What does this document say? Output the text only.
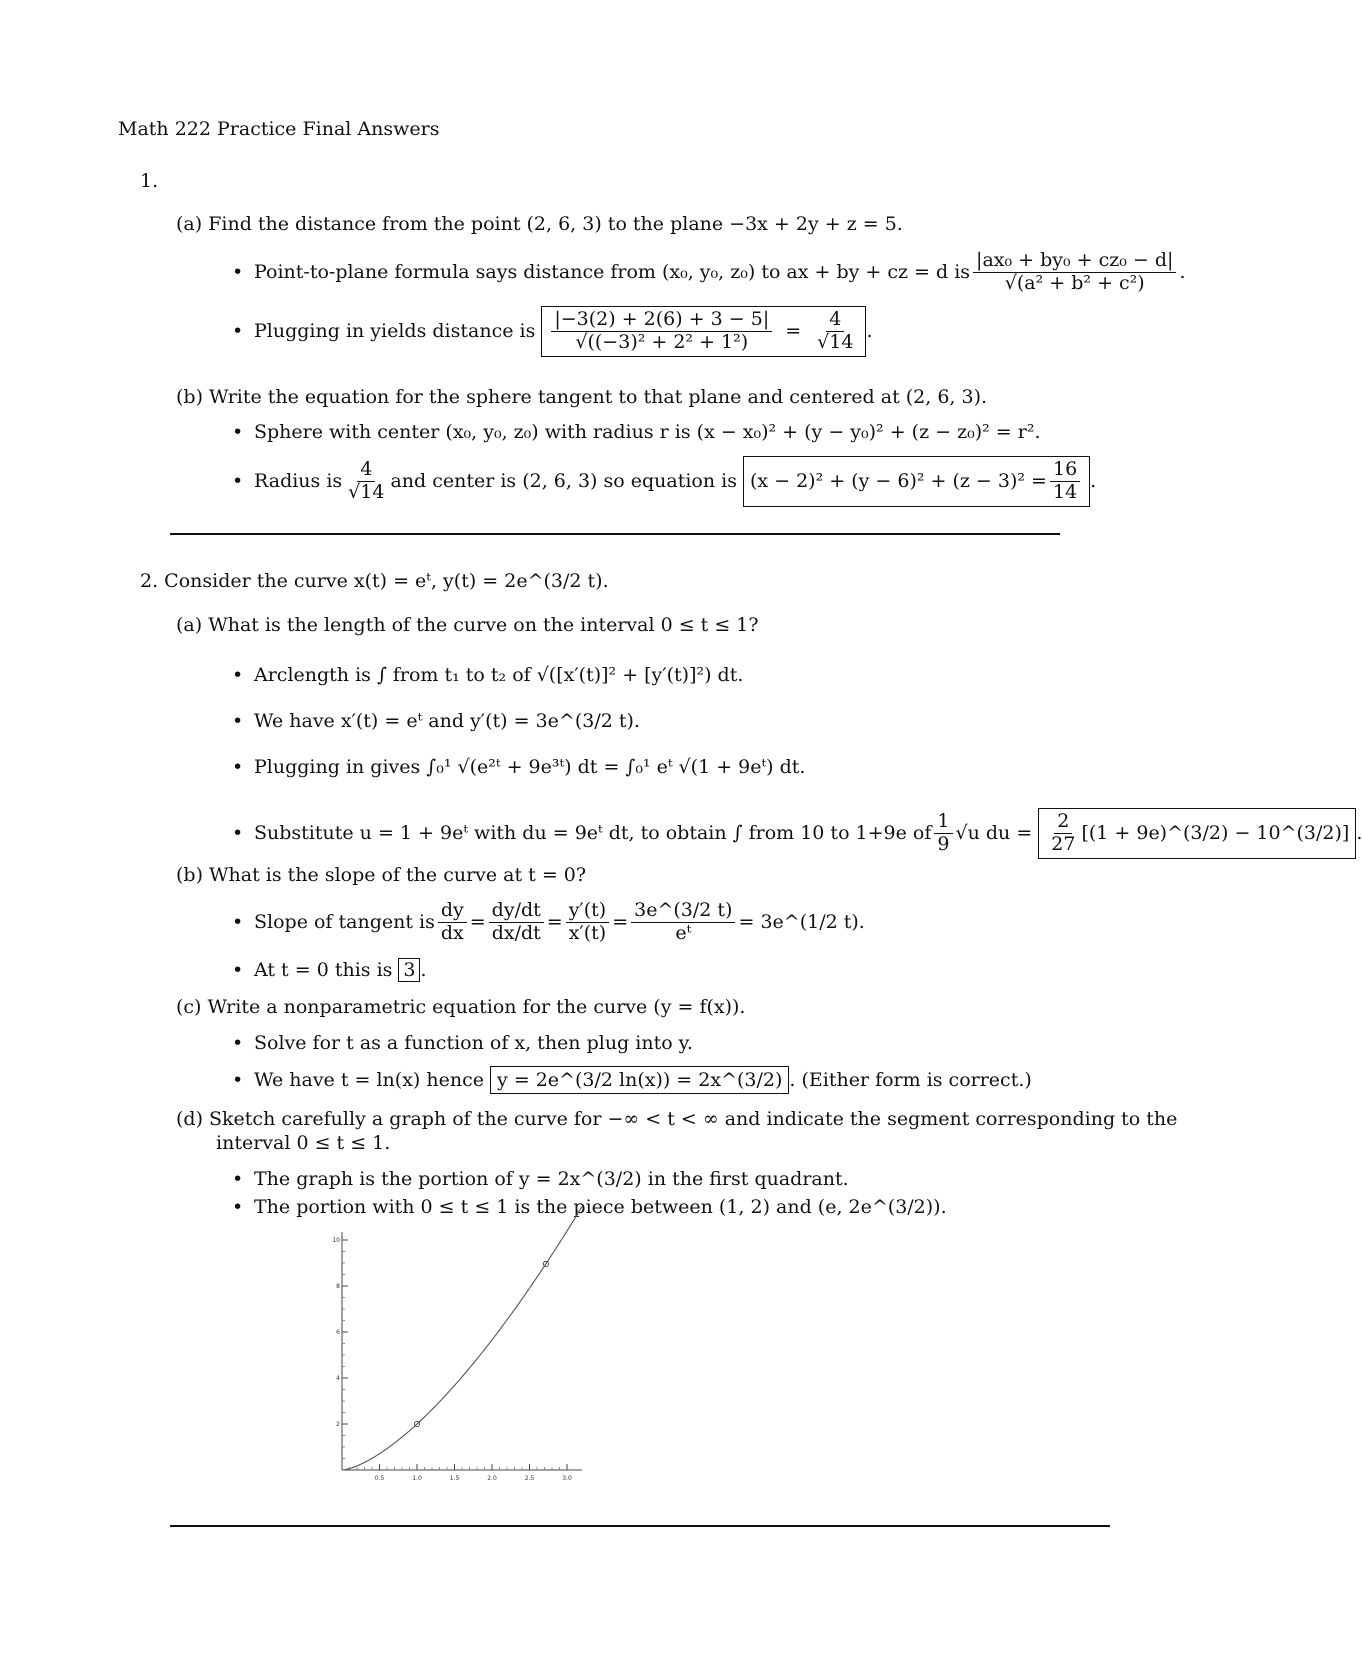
Math 222 Practice Final Answers
1.
(a) Find the distance from the point (2, 6, 3) to the plane −3x + 2y + z = 5.
• Point-to-plane formula says distance from (x₀, y₀, z₀) to ax + by + cz = d is $\frac{\text{|ax₀ + by₀ + cz₀ − d|}}{\text{√(a² + b² + c²)}}$ .
• Plugging in yields distance is $\frac{|-3(2) + 2(6) + 3 - 5|}{\text{√((−3)² + 2² + 1²)}} = \frac{4}{√14}$ .
(b) Write the equation for the sphere tangent to that plane and centered at (2, 6, 3).
• Sphere with center (x₀, y₀, z₀) with radius r is (x − x₀)² + (y − y₀)² + (z − z₀)² = r².
• Radius is $\frac{4}{√14}$ and center is (2, 6, 3) so equation is $(x - 2)^2 + (y - 6)^2 + (z - 3)^2 = \frac{16}{14}$ .
2. Consider the curve x(t) = eᵗ, y(t) = 2e^(3/2 t).
(a) What is the length of the curve on the interval 0 ≤ t ≤ 1?
• Arclength is ∫ from t₁ to t₂ of √([x′(t)]² + [y′(t)]²) dt.
• We have x′(t) = eᵗ and y′(t) = 3e^(3/2 t).
• Plugging in gives ∫₀¹ √(e²ᵗ + 9e³ᵗ) dt = ∫₀¹ eᵗ √(1 + 9eᵗ) dt.
• Substitute u = 1 + 9eᵗ with du = 9eᵗ dt, to obtain ∫ from 10 to 1+9e of $\frac{1}{9} √u$ du = $\frac{2}{27} [(1$ + 9e)^(3/2) − 10^(3/2)] .
(b) What is the slope of the curve at t = 0?
• Slope of tangent is $\frac{dy}{dx} = \frac{dy/dt}{dx/dt} = \frac{y'(t)}{x'(t)} = \frac{3e\^{}(3/2 t)}{\text{eᵗ}}$ = 3e^(1/2 t).
• At t = 0 this is 3 .
(c) Write a nonparametric equation for the curve (y = f(x)).
• Solve for t as a function of x, then plug into y.
• We have t = ln(x) hence y = 2e^(3/2 ln(x)) = 2x^(3/2) . (Either form is correct.)
(d) Sketch carefully a graph of the curve for −∞ < t < ∞ and indicate the segment corresponding to the
interval 0 ≤ t ≤ 1.
• The graph is the portion of y = 2x^(3/2) in the first quadrant.
• The portion with 0 ≤ t ≤ 1 is the piece between (1, 2) and (e, 2e^(3/2)).
0.5	1.0	1.5	2.0	2.5	3.0
2
4
6
8
10
